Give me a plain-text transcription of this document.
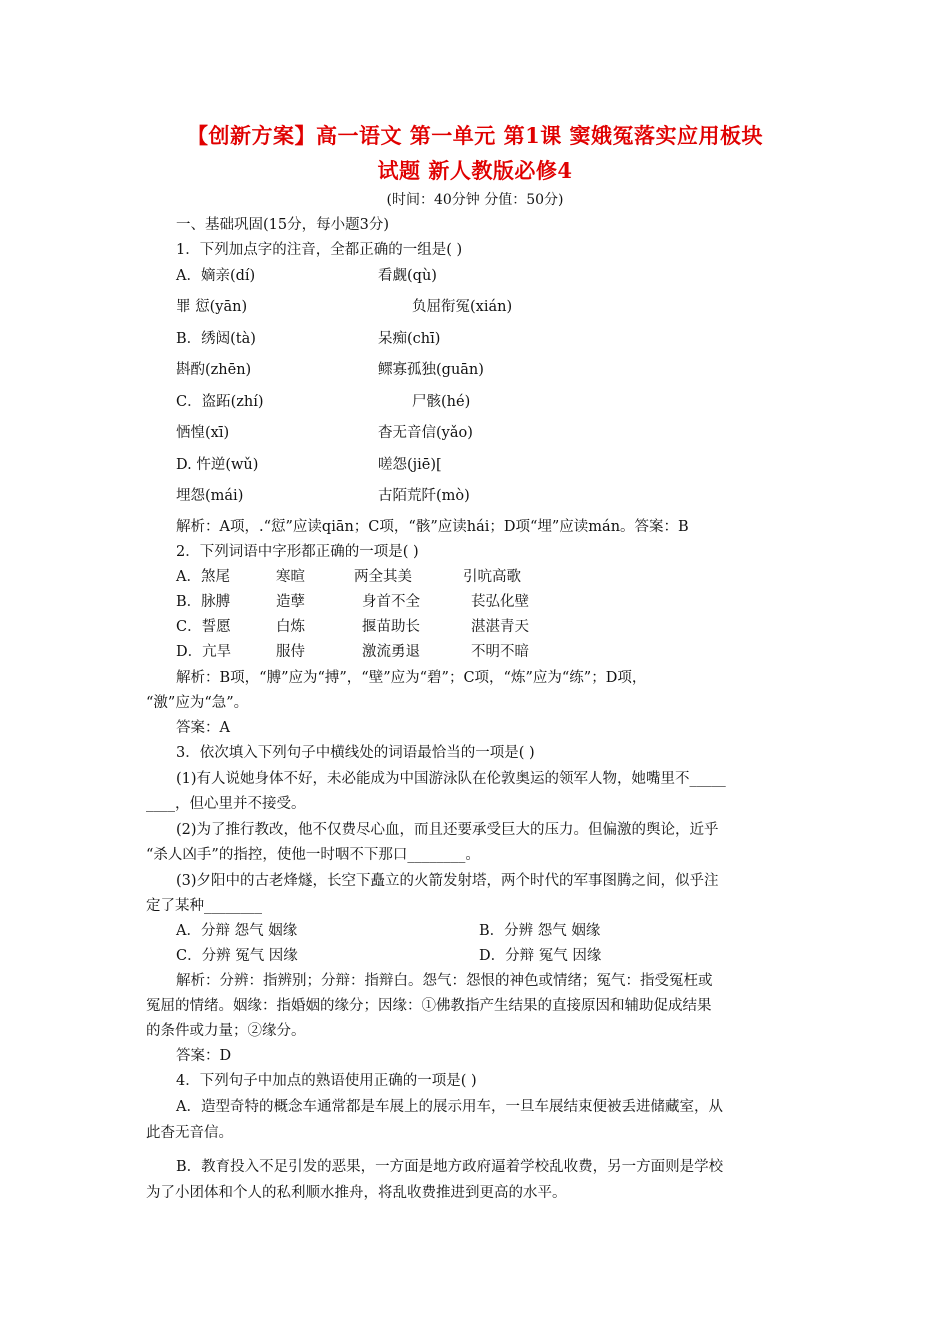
【创新方案】高一语文 第一单元 第1课 窦娥冤落实应用板块
试题 新人教版必修4
(时间：40分钟 分值：50分)
一、基础巩固(15分，每小题3分)
1．下列加点字的注音，全都正确的一组是( )
A．嫡亲(dí)	看觑(qù)
罪 愆(yān)	负屈衔冤(xián)
B．绣闼(tà)	呆痴(chī)
斟酌(zhēn)	鳏寡孤独(guān)
C．盗跖(zhí)	尸骸(hé)
恓惶(xī)	杳无音信(yǎo)
D. 忤逆(wǔ)	嗟怨(jiē)[
埋怨(mái)	古陌荒阡(mò)
解析：A项，.“愆”应读qiān；C项，“骸”应读hái；D项“埋”应读mán。答案：B
2．下列词语中字形都正确的一项是( )
A．煞尾	寒暄	两全其美	引吭高歌
B．脉膊	造孽	身首不全	苌弘化壁
C．誓愿	白炼	揠苗助长	湛湛青天
D．亢旱	服侍	激流勇退	不明不暗
解析：B项，“膊”应为“搏”，“壁”应为“碧”；C项，“炼”应为“练”；D项，
“激”应为“急”。
答案：A
3．依次填入下列句子中横线处的词语最恰当的一项是( )
(1)有人说她身体不好，未必能成为中国游泳队在伦敦奥运的领军人物，她嘴里不_____
____，但心里并不接受。
(2)为了推行教改，他不仅费尽心血，而且还要承受巨大的压力。但偏激的舆论，近乎
“杀人凶手”的指控，使他一时咽不下那口________。
(3)夕阳中的古老烽燧，长空下矗立的火箭发射塔，两个时代的军事图腾之间，似乎注
定了某种________
A．分辩 怨气 姻缘	B．分辨 怨气 姻缘
C．分辨 冤气 因缘	D．分辩 冤气 因缘
解析：分辨：指辨别；分辩：指辩白。怨气：怨恨的神色或情绪；冤气：指受冤枉或
冤屈的情绪。姻缘：指婚姻的缘分；因缘：①佛教指产生结果的直接原因和辅助促成结果
的条件或力量；②缘分。
答案：D
4．下列句子中加点的熟语使用正确的一项是( )
A．造型奇特的概念车通常都是车展上的展示用车，一旦车展结束便被丢进储藏室，从
此杳无音信。
B．教育投入不足引发的恶果，一方面是地方政府逼着学校乱收费，另一方面则是学校
为了小团体和个人的私利顺水推舟，将乱收费推进到更高的水平。
